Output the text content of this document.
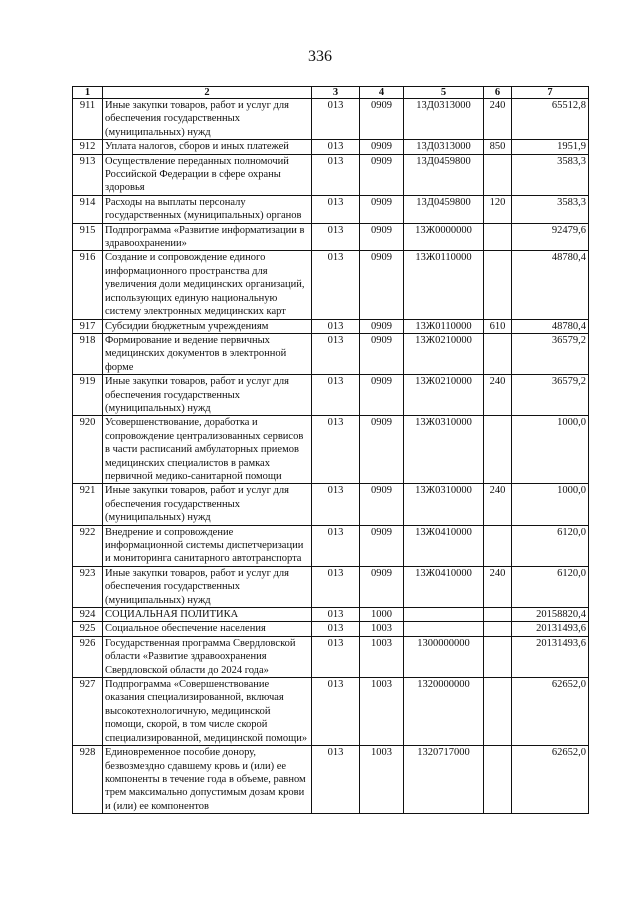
336
1	2	3	4	5	6	7
911	Иные закупки товаров, работ и услуг для обеспечения государственных (муниципальных) нужд	013	0909	13Д0313000	240	65512,8
912	Уплата налогов, сборов и иных платежей	013	0909	13Д0313000	850	1951,9
913	Осуществление переданных полномочий Российской Федерации в сфере охраны здоровья	013	0909	13Д0459800		3583,3
914	Расходы на выплаты персоналу государственных (муниципальных) органов	013	0909	13Д0459800	120	3583,3
915	Подпрограмма «Развитие информатизации в здравоохранении»	013	0909	13Ж0000000		92479,6
916	Создание и сопровождение единого информационного пространства для увеличения доли медицинских организаций, использующих единую национальную систему электронных медицинских карт	013	0909	13Ж0110000		48780,4
917	Субсидии бюджетным учреждениям	013	0909	13Ж0110000	610	48780,4
918	Формирование и ведение первичных медицинских документов в электронной форме	013	0909	13Ж0210000		36579,2
919	Иные закупки товаров, работ и услуг для обеспечения государственных (муниципальных) нужд	013	0909	13Ж0210000	240	36579,2
920	Усовершенствование, доработка и сопровождение централизованных сервисов в части расписаний амбулаторных приемов медицинских специалистов в рамках первичной медико-санитарной помощи	013	0909	13Ж0310000		1000,0
921	Иные закупки товаров, работ и услуг для обеспечения государственных (муниципальных) нужд	013	0909	13Ж0310000	240	1000,0
922	Внедрение и сопровождение информационной системы диспетчеризации и мониторинга санитарного автотранспорта	013	0909	13Ж0410000		6120,0
923	Иные закупки товаров, работ и услуг для обеспечения государственных (муниципальных) нужд	013	0909	13Ж0410000	240	6120,0
924	СОЦИАЛЬНАЯ ПОЛИТИКА	013	1000			20158820,4
925	Социальное обеспечение населения	013	1003			20131493,6
926	Государственная программа Свердловской области «Развитие здравоохранения Свердловской области до 2024 года»	013	1003	1300000000		20131493,6
927	Подпрограмма «Совершенствование оказания специализированной, включая высокотехнологичную, медицинской помощи, скорой, в том числе скорой специализированной, медицинской помощи»	013	1003	1320000000		62652,0
928	Единовременное пособие донору, безвозмездно сдавшему кровь и (или) ее компоненты в течение года в объеме, равном трем максимально допустимым дозам крови и (или) ее компонентов	013	1003	1320717000		62652,0
